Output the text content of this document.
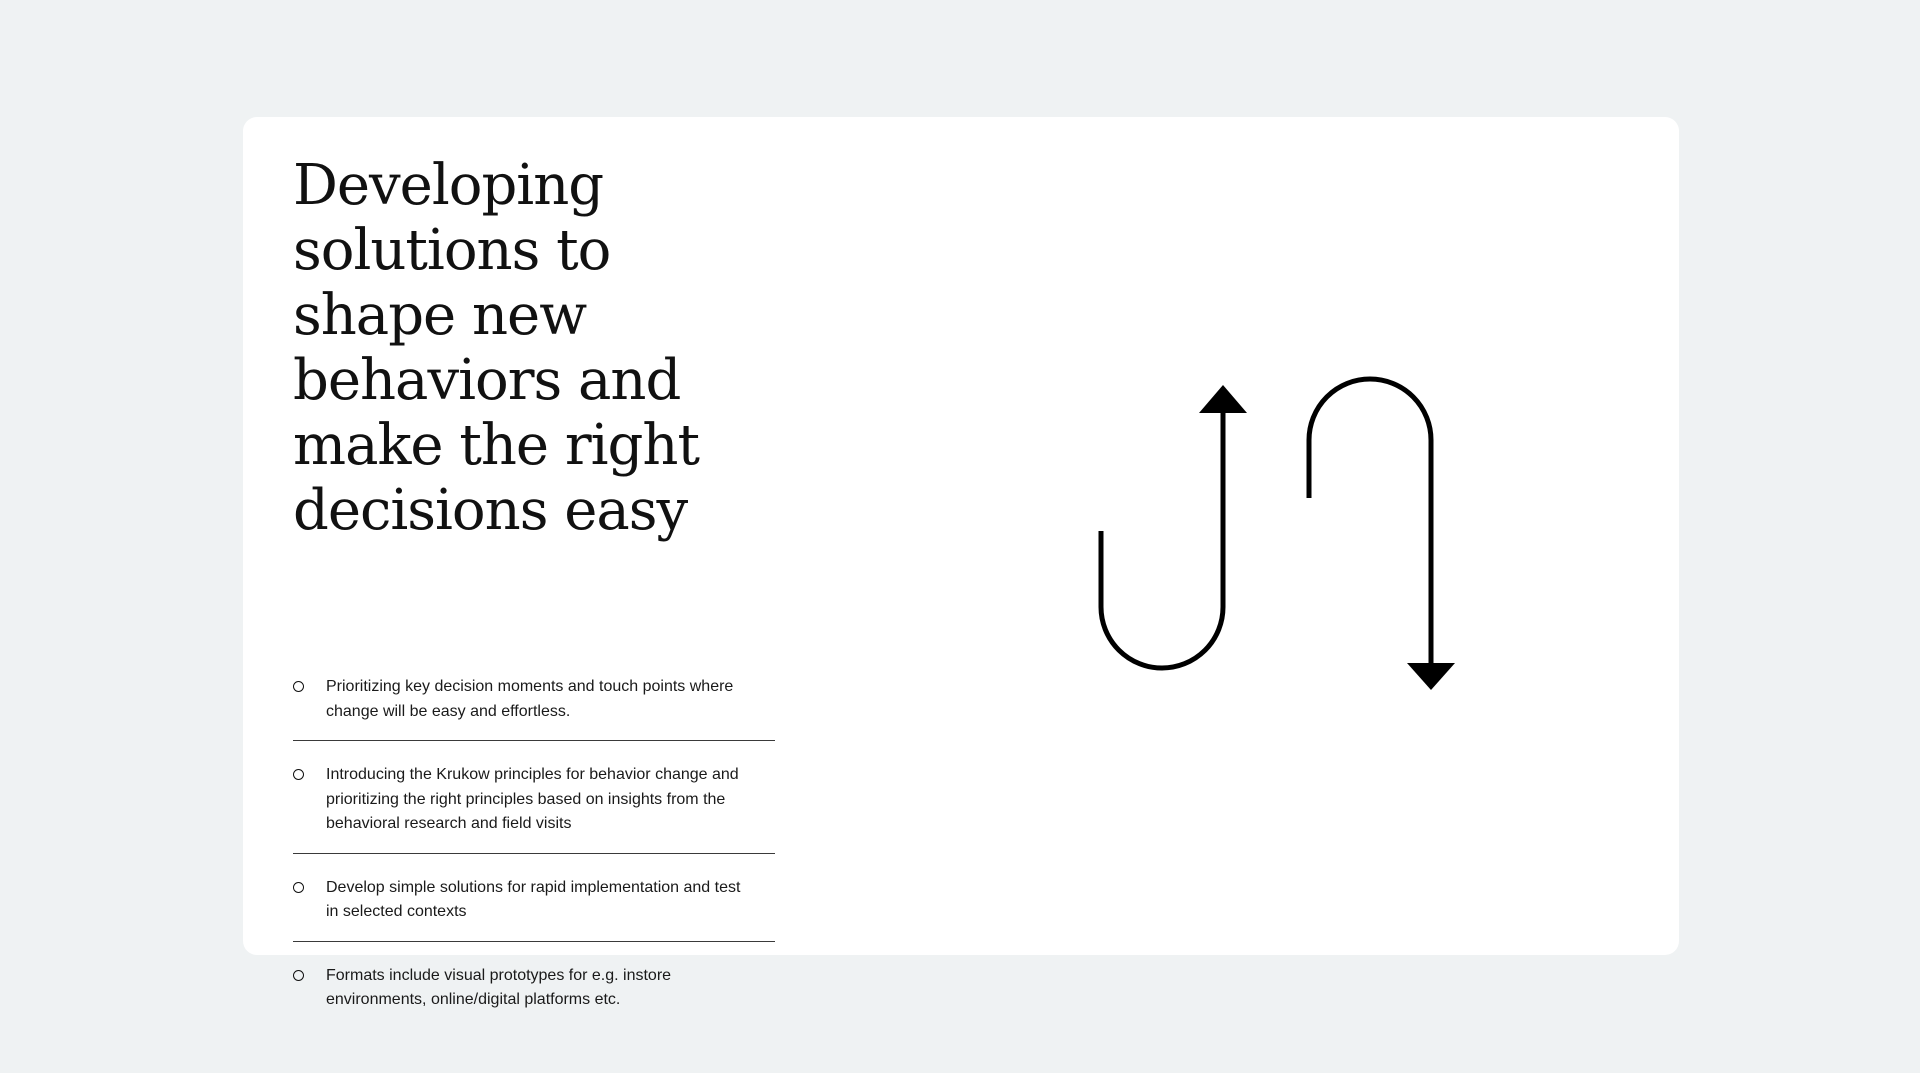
Developing
solutions to
shape new
behaviors and
make the right
decisions easy
Prioritizing key decision moments and touch points where change will be easy and effortless.
Introducing the Krukow principles for behavior change and prioritizing the right principles based on insights from the behavioral research and field visits
Develop simple solutions for rapid implementation and test in selected contexts
Formats include visual prototypes for e.g. instore environments, online/digital platforms etc.
